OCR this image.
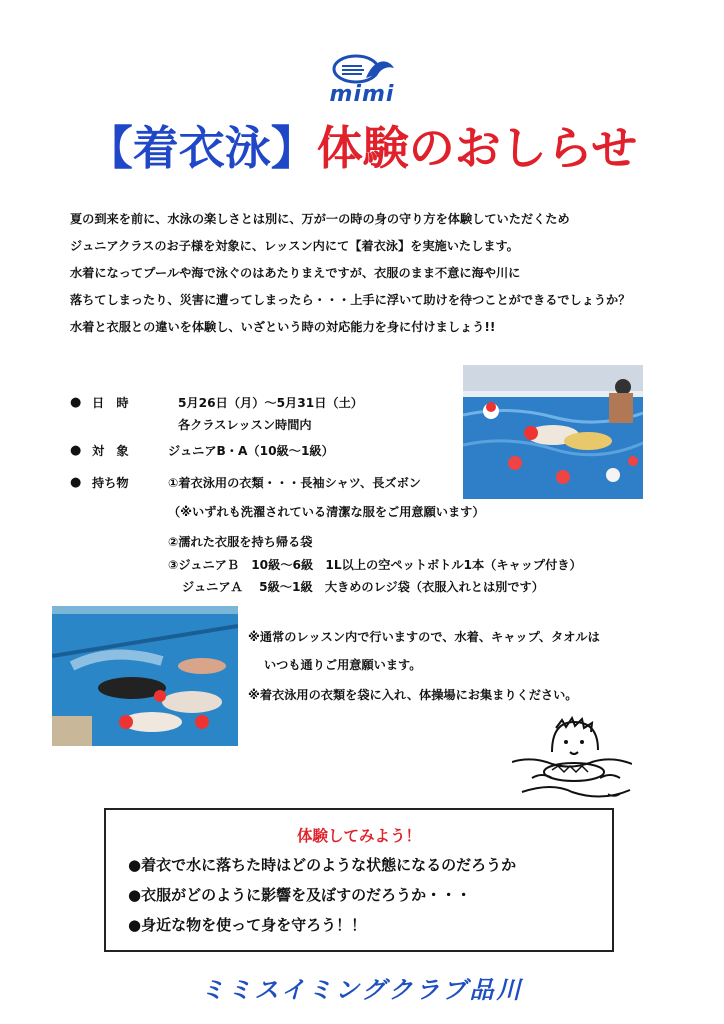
mimi
【着衣泳】体験のおしらせ

夏の到来を前に、水泳の楽しさとは別に、万が一の時の身の守り方を体験していただくため

ジュニアクラスのお子様を対象に、レッスン内にて【着衣泳】を実施いたします。

水着になってプールや海で泳ぐのはあたりまえですが、衣服のまま不意に海や川に

落ちてしまったり、災害に遭ってしまったら・・・上手に浮いて助けを待つことができるでしょうか？

水着と衣服との違いを体験し、いざという時の対応能力を身に付けましょう!!

● 日　時	5月26日（月）～5月31日（土）
各クラスレッスン時間内
● 対　象	ジュニアB・A（10級～1級）
● 持ち物	①着衣泳用の衣類・・・長袖シャツ、長ズボン
（※いずれも洗濯されている清潔な服をご用意願います）
②濡れた衣服を持ち帰る袋
③ジュニアＢ　10級～6級　1L以上の空ペットボトル1本（キャップ付き）
ジュニアＡ　 5級～1級　大きめのレジ袋（衣服入れとは別です）
※通常のレッスン内で行いますので、水着、キャップ、タオルは
いつも通りご用意願います。
※着衣泳用の衣類を袋に入れ、体操場にお集まりください。
体験してみよう！
●着衣で水に落ちた時はどのような状態になるのだろうか
●衣服がどのように影響を及ぼすのだろうか・・・
●身近な物を使って身を守ろう！！
ミミスイミングクラブ品川
